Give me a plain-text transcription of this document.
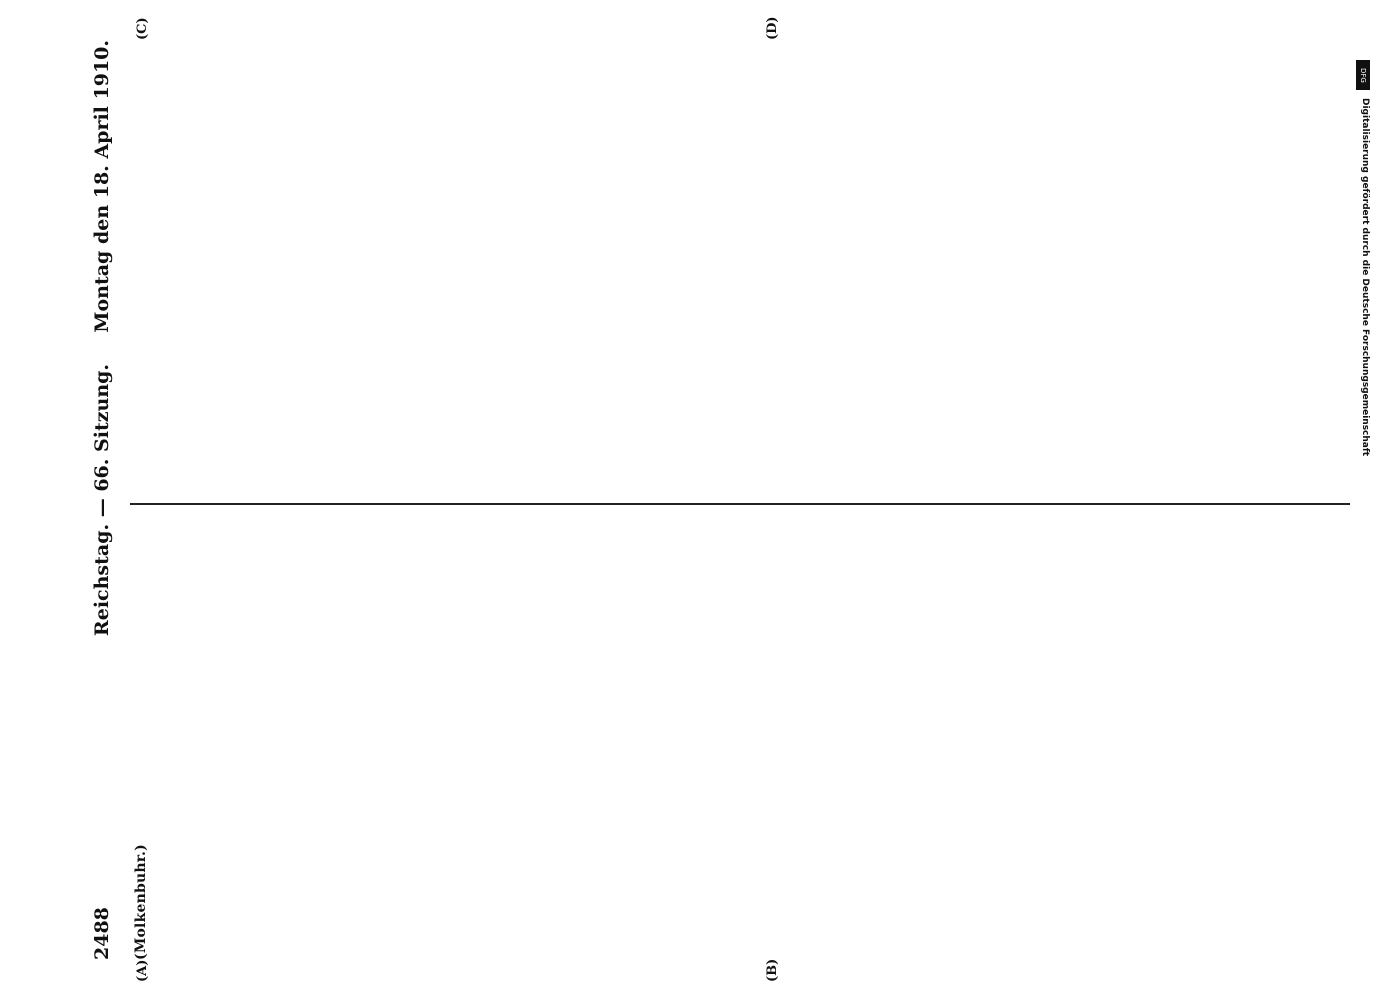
2488
Reichstag. — 66. Sitzung.
Montag den 18. April 1910.
(A)	(B)
(C)	(D)
(Molkenbuhr.)
DFG
Digitalisierung gefördert durch die Deutsche Forschungsgemeinschaft
